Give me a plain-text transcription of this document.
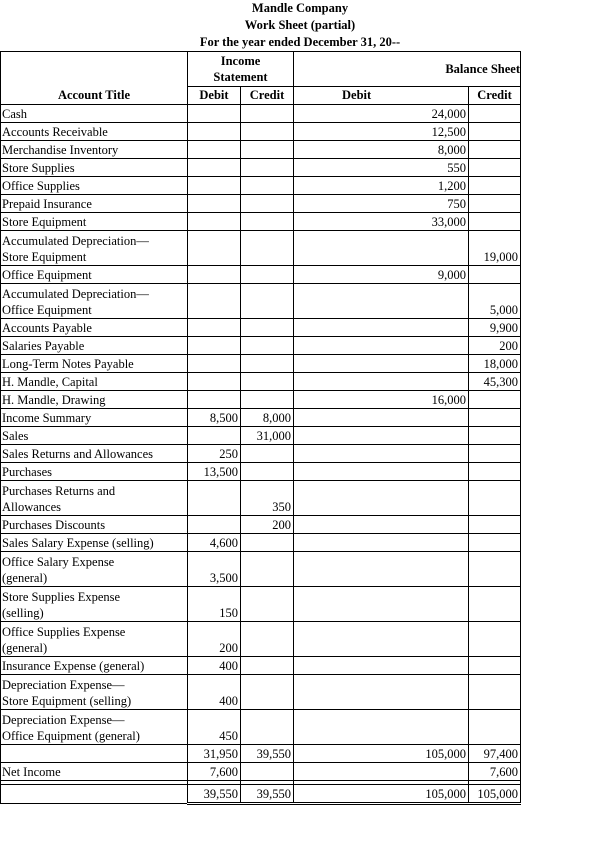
Mandle Company
Work Sheet (partial)
For the year ended December 31, 20--

	Income
Statement		Balance Sheet	

Account Title	Debit	Credit	Debit	Credit

Cash			24,000	

Accounts Receivable			12,500	

Merchandise Inventory			8,000	

Store Supplies			550	

Office Supplies			1,200	

Prepaid Insurance			750	

Store Equipment			33,000	

Accumulated Depreciation—
Store Equipment				19,000

Office Equipment			9,000	

Accumulated Depreciation—
Office Equipment				5,000

Accounts Payable				9,900

Salaries Payable				200

Long-Term Notes Payable				18,000

H. Mandle, Capital				45,300

H. Mandle, Drawing			16,000	

Income Summary	8,500	8,000		

Sales		31,000		

Sales Returns and Allowances	250			

Purchases	13,500			

Purchases Returns and
Allowances		350		

Purchases Discounts		200		

Sales Salary Expense (selling)	4,600			

Office Salary Expense
(general)	3,500			

Store Supplies Expense
(selling)	150			

Office Supplies Expense
(general)	200			

Insurance Expense (general)	400			

Depreciation Expense—
Store Equipment (selling)	400			

Depreciation Expense—
Office Equipment (general)	450			
	31,950	39,550	105,000	97,400
Net Income	7,600			7,600

	39,550	39,550	105,000	105,000
